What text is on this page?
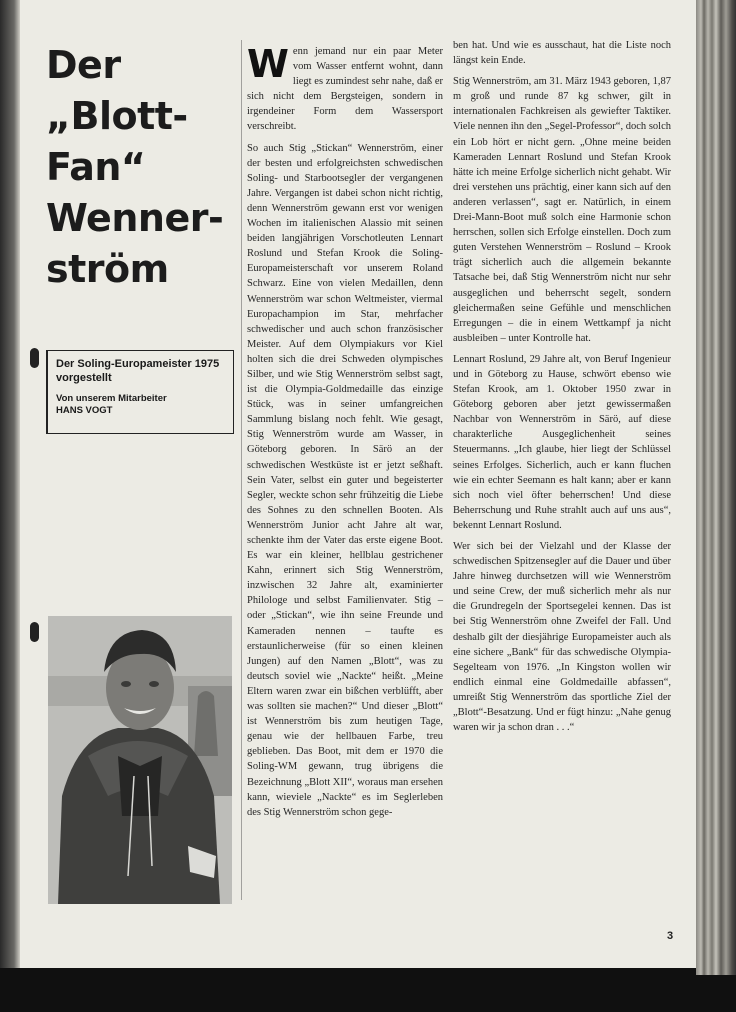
Der
„Blott-
Fan“
Wenner-
ström
Der Soling-Europameister 1975 vorgestellt
Von unserem Mitarbeiter
HANS VOGT

Wenn jemand nur ein paar Meter vom Wasser entfernt wohnt, dann liegt es zumindest sehr nahe, daß er sich nicht dem Bergsteigen, sondern in irgendeiner Form dem Wassersport verschreibt.

So auch Stig „Stickan“ Wennerström, einer der besten und erfolgreichsten schwedischen Soling- und Starbootsegler der vergangenen Jahre. Vergangen ist dabei schon nicht richtig, denn Wennerström gewann erst vor wenigen Wochen im italienischen Alassio mit seinen beiden langjährigen Vorschotleuten Lennart Roslund und Stefan Krook die Soling-Europameisterschaft vor unserem Roland Schwarz. Eine von vielen Medaillen, denn Wennerström war schon Weltmeister, viermal Europachampion im Star, mehrfacher schwedischer und auch schon französischer Meister. Auf dem Olympiakurs vor Kiel holten sich die drei Schweden olympisches Silber, und wie Stig Wennerström selbst sagt, ist die Olympia-Goldmedaille das einzige Stück, was in seiner umfangreichen Sammlung bislang noch fehlt. Wie gesagt, Stig Wennerström wurde am Wasser, in Göteborg geboren. In Särö an der schwedischen Westküste ist er jetzt seßhaft. Sein Vater, selbst ein guter und begeisterter Segler, weckte schon sehr frühzeitig die Liebe des Sohnes zu den schnellen Booten. Als Wennerström Junior acht Jahre alt war, schenkte ihm der Vater das erste eigene Boot. Es war ein kleiner, hellblau gestrichener Kahn, erinnert sich Stig Wennerström, inzwischen 32 Jahre alt, examinierter Philologe und selbst Familienvater. Stig – oder „Stickan“, wie ihn seine Freunde und Kameraden nennen – taufte es erstaunlicherweise (für so einen kleinen Jungen) auf den Namen „Blott“, was zu deutsch soviel wie „Nackte“ heißt. „Meine Eltern waren zwar ein bißchen verblüfft, aber was sollten sie machen?“ Und dieser „Blott“ ist Wennerström bis zum heutigen Tage, genau wie der hellbauen Farbe, treu geblieben. Das Boot, mit dem er 1970 die Soling-WM gewann, trug übrigens die Bezeichnung „Blott XII“, woraus man ersehen kann, wieviele „Nackte“ es im Seglerleben des Stig Wennerström schon gege-

ben hat. Und wie es ausschaut, hat die Liste noch längst kein Ende.

Stig Wennerström, am 31. März 1943 geboren, 1,87 m groß und runde 87 kg schwer, gilt in internationalen Fachkreisen als gewiefter Taktiker. Viele nennen ihn den „Segel-Professor“, doch solch ein Lob hört er nicht gern. „Ohne meine beiden Kameraden Lennart Roslund und Stefan Krook hätte ich meine Erfolge sicherlich nicht gehabt. Wir drei verstehen uns prächtig, einer kann sich auf den anderen verlassen“, sagt er. Natürlich, in einem Drei-Mann-Boot muß solch eine Harmonie schon herrschen, sollen sich Erfolge einstellen. Doch zum guten Verstehen Wennerström – Roslund – Krook trägt sicherlich auch die allgemein bekannte Tatsache bei, daß Stig Wennerström nicht nur sehr ausgeglichen und beherrscht segelt, sondern gleichermaßen seine Gefühle und menschlichen Erregungen – die in einem Wettkampf ja nicht ausbleiben – unter Kontrolle hat.

Lennart Roslund, 29 Jahre alt, von Beruf Ingenieur und in Göteborg zu Hause, schwört ebenso wie Stefan Krook, am 1. Oktober 1950 zwar in Göteborg geboren aber jetzt gewissermaßen Nachbar von Wennerström in Särö, auf diese charakterliche Ausgeglichenheit seines Steuermanns. „Ich glaube, hier liegt der Schlüssel seines Erfolges. Sicherlich, auch er kann fluchen wie ein echter Seemann es halt kann; aber er kann sich noch viel öfter beherrschen! Und diese Beherrschung und Ruhe strahlt auch auf uns aus“, bekennt Lennart Roslund.

Wer sich bei der Vielzahl und der Klasse der schwedischen Spitzensegler auf die Dauer und über Jahre hinweg durchsetzen will wie Wennerström und seine Crew, der muß sicherlich mehr als nur die Grundregeln der Sportsegelei kennen. Das ist bei Stig Wennerström ohne Zweifel der Fall. Und deshalb gilt der diesjährige Europameister auch als eine sichere „Bank“ für das schwedische Olympia-Segelteam von 1976. „In Kingston wollen wir endlich einmal eine Goldmedaille abfassen“, umreißt Stig Wennerström das sportliche Ziel der „Blott“-Besatzung. Und er fügt hinzu: „Nahe genug waren wir ja schon dran . . .“

3
